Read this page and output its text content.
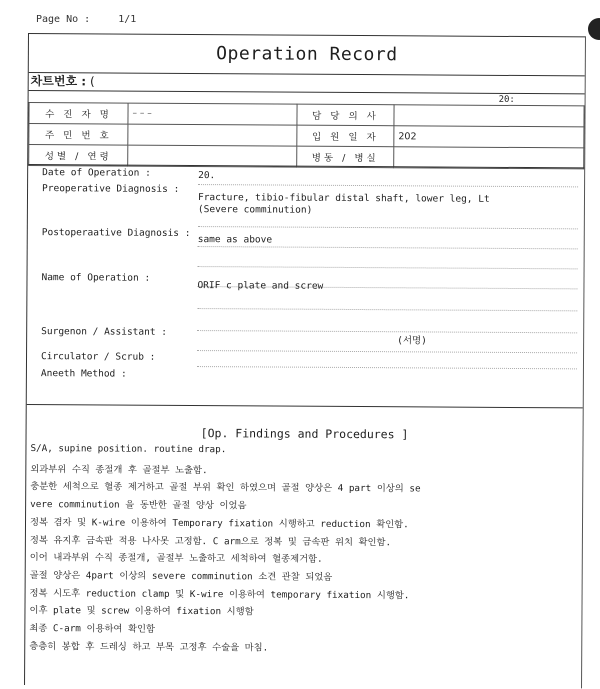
Page No :	1/1
Operation Record
차트번호 : (
20:
수 진 자 명	– – –	담 당 의 사	
주 민 번 호		입 원 일 자	202
성별 / 연령		병동 / 병실	
Date of Operation :	20.
Preoperative Diagnosis :
Fracture, tibio-fibular distal shaft, lower leg, Lt (Severe comminution)
Postoperaative Diagnosis :
same as above
Name of Operation :
ORIF c plate and screw
Surgenon / Assistant :
(서명)
Circulator / Scrub :
Aneeth Method :
[Op. Findings and Procedures ]
S/A, supine position. routine drap.
외과부위 수직 종절개 후 골절부 노출함.
충분한 세척으로 혈종 제거하고 골절 부위 확인 하였으며 골절 양상은 4 part 이상의 se
vere comminution 을 동반한 골절 양상 이었음
정복 겸자 및 K-wire 이용하여 Temporary fixation 시행하고 reduction 확인함.
정복 유지후 금속판 적용 나사못 고정함. C arm으로 정복 및 금속판 위치 확인함.
이어 내과부위 수직 종절개, 골절부 노출하고 세척하여 혈종제거함.
골절 양상은 4part 이상의 severe comminution 소견 관찰 되었음
정복 시도후 reduction clamp 및 K-wire 이용하여 temporary fixation 시행함.
이후 plate 및 screw 이용하여 fixation 시행함
최종 C-arm 이용하여 확인함
층층히 봉합 후 드레싱 하고 부목 고정후 수술을 마침.
